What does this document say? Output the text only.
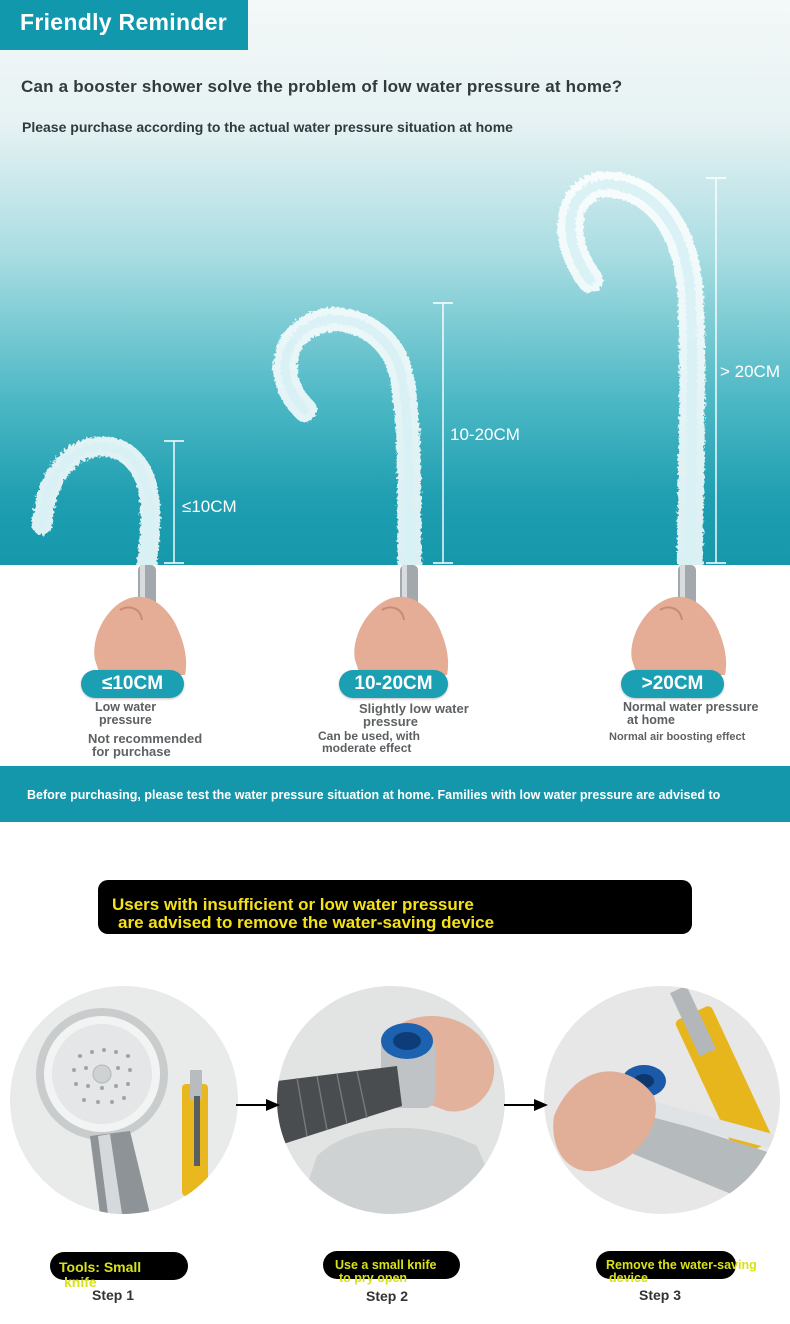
Friendly Reminder
Can a booster shower solve the problem of low water pressure at home?
Please purchase according to the actual water pressure situation at home
≤10CM
10-20CM
> 20CM
≤10CM	10-20CM	>20CM
Low water
pressure
Not recommended
for purchase
Slightly low water
pressure
Can be used, with
moderate effect
Normal water pressure
at home
Normal air boosting effect
Before purchasing, please test the water pressure situation at home. Families with low water pressure are advised to
Users with insufficient or low water pressure
are advised to remove the water-saving device
Tools: Small
knife
Step 1
Use a small knife
to pry open
Step 2
Remove the water-saving
device
Step 3
